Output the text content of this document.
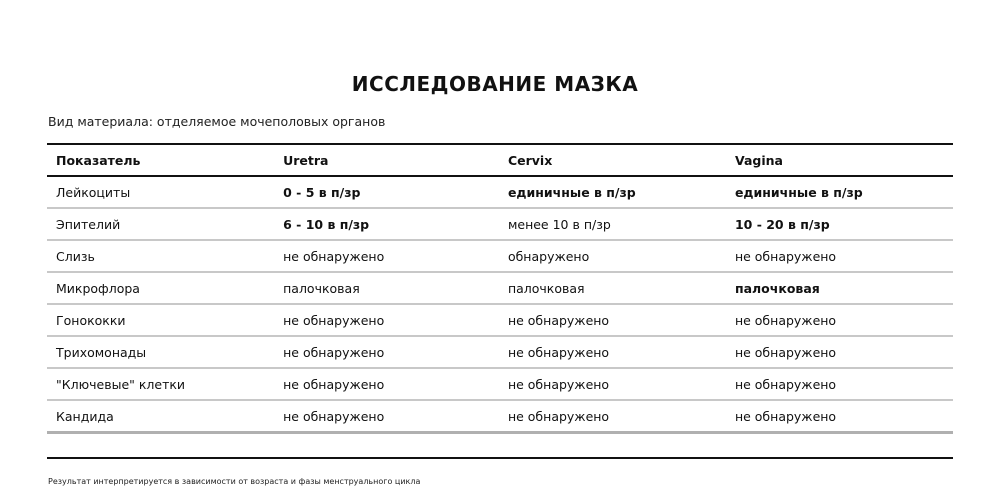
ИССЛЕДОВАНИЕ МАЗКА
Вид материала: отделяемое мочеполовых органов
Показатель	Uretra	Cervix	Vagina
Лейкоциты	0 - 5 в п/зр	единичные в п/зр	единичные в п/зр
Эпителий	6 - 10 в п/зр	менее 10 в п/зр	10 - 20 в п/зр
Слизь	не обнаружено	обнаружено	не обнаружено
Микрофлора	палочковая	палочковая	палочковая
Гонококки	не обнаружено	не обнаружено	не обнаружено
Трихомонады	не обнаружено	не обнаружено	не обнаружено
"Ключевые" клетки	не обнаружено	не обнаружено	не обнаружено
Кандида	не обнаружено	не обнаружено	не обнаружено
Результат интерпретируется в зависимости от возраста и фазы менструального цикла
